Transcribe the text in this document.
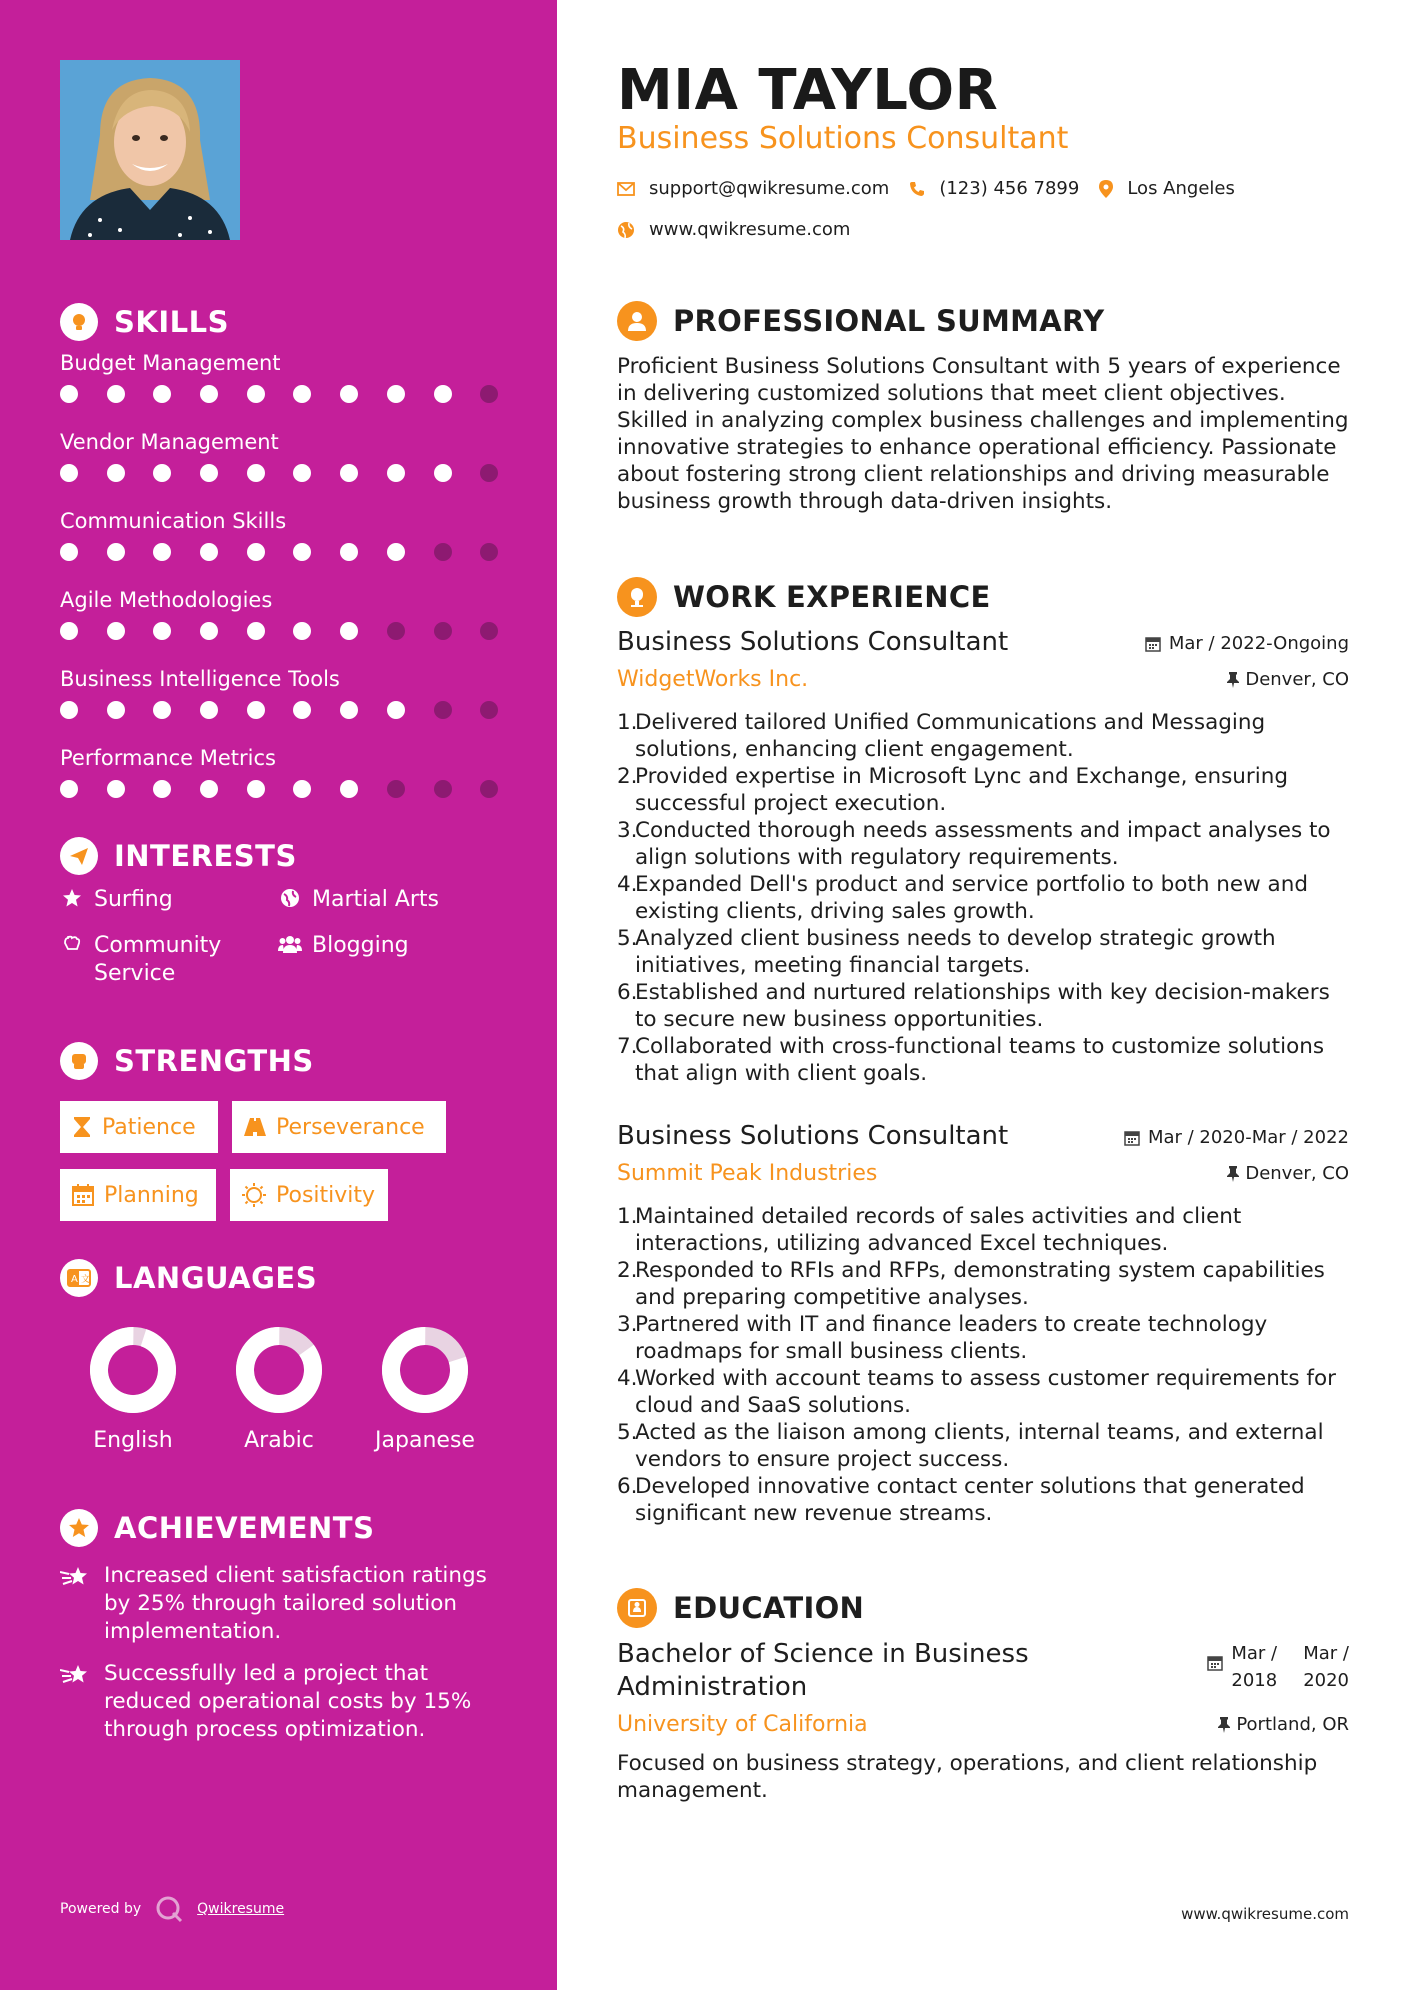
SKILLS
Budget Management
Vendor Management
Communication Skills
Agile Methodologies
Business Intelligence Tools
Performance Metrics
INTERESTS
Surfing	Martial Arts
Community Service
Blogging
STRENGTHS
Patience	Perseverance
Planning	Positivity
A 文 LANGUAGES
English	Arabic	Japanese
ACHIEVEMENTS
Increased client satisfaction ratings by 25% through tailored solution implementation.
Successfully led a project that reduced operational costs by 15% through process optimization.
Powered by	Qwikresume
MIA TAYLOR
Business Solutions Consultant
support@qwikresume.com	(123) 456 7899	Los Angeles
www.qwikresume.com
PROFESSIONAL SUMMARY
Proficient Business Solutions Consultant with 5 years of experience in delivering customized solutions that meet client objectives. Skilled in analyzing complex business challenges and implementing innovative strategies to enhance operational efficiency. Passionate about fostering strong client relationships and driving measurable business growth through data-driven insights.
WORK EXPERIENCE
Business Solutions Consultant	Mar / 2022-Ongoing
WidgetWorks Inc.	Denver, CO
1.
Delivered tailored Unified Communications and Messaging solutions, enhancing client engagement.
2.
Provided expertise in Microsoft Lync and Exchange, ensuring successful project execution.
3.
Conducted thorough needs assessments and impact analyses to align solutions with regulatory requirements.
4.
Expanded Dell's product and service portfolio to both new and existing clients, driving sales growth.
5.
Analyzed client business needs to develop strategic growth initiatives, meeting financial targets.
6.
Established and nurtured relationships with key decision-makers to secure new business opportunities.
7.
Collaborated with cross-functional teams to customize solutions that align with client goals.
Business Solutions Consultant	Mar / 2020-Mar / 2022
Summit Peak Industries	Denver, CO
1.
Maintained detailed records of sales activities and client interactions, utilizing advanced Excel techniques.
2.
Responded to RFIs and RFPs, demonstrating system capabilities and preparing competitive analyses.
3.
Partnered with IT and finance leaders to create technology roadmaps for small business clients.
4.
Worked with account teams to assess customer requirements for cloud and SaaS solutions.
5.
Acted as the liaison among clients, internal teams, and external vendors to ensure project success.
6.
Developed innovative contact center solutions that generated significant new revenue streams.
EDUCATION
Bachelor of Science in Business
Administration
Mar /
2018
Mar /
2020
University of California	Portland, OR
Focused on business strategy, operations, and client relationship management.
www.qwikresume.com
